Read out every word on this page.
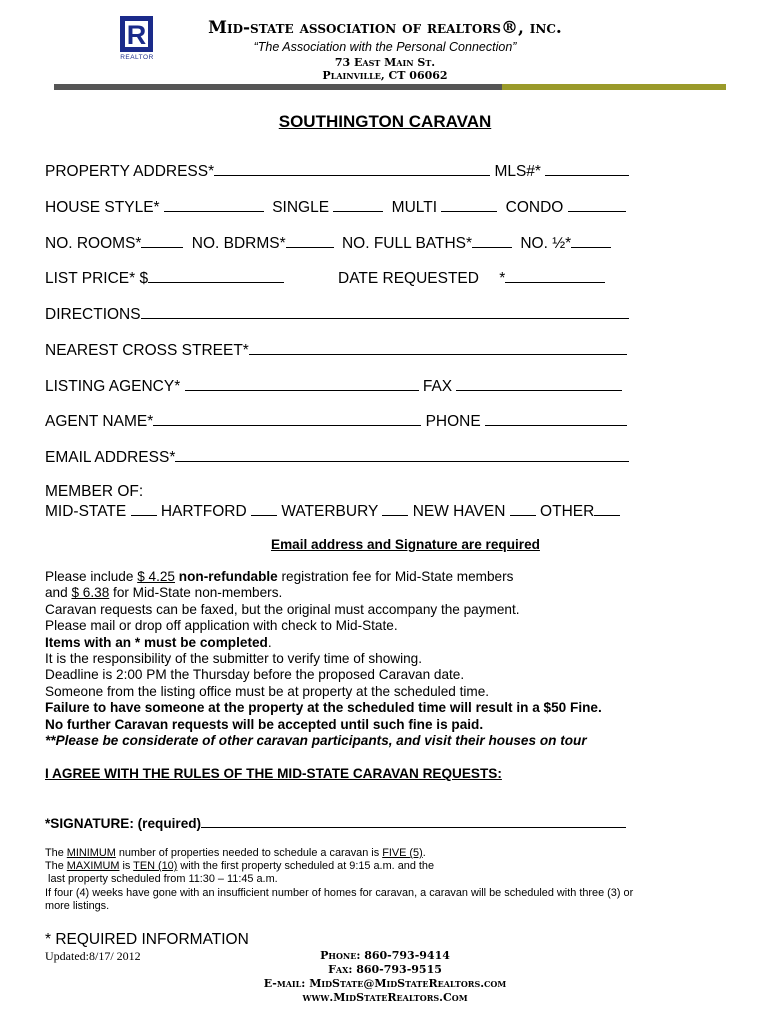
R
REALTOR
Mid-state association of realtors®, inc.
“The Association with the Personal Connection”
73 East Main St.
Plainville, CT 06062
SOUTHINGTON CARAVAN
PROPERTY ADDRESS*	MLS#*
HOUSE STYLE*	SINGLE	MULTI	CONDO
NO. ROOMS*	NO. BDRMS*	NO. FULL BATHS*	NO. ½*
LIST PRICE* $	DATE REQUESTED *
DIRECTIONS
NEAREST CROSS STREET*
LISTING AGENCY*	FAX
AGENT NAME*	PHONE
EMAIL ADDRESS*
MEMBER OF:
MID-STATE HARTFORD WATERBURY NEW HAVEN OTHER
Email address and Signature are required
Please include $ 4.25 non-refundable registration fee for Mid-State members
and $ 6.38 for Mid-State non-members.
Caravan requests can be faxed, but the original must accompany the payment.
Please mail or drop off application with check to Mid-State.
Items with an * must be completed.
It is the responsibility of the submitter to verify time of showing.
Deadline is 2:00 PM the Thursday before the proposed Caravan date.
Someone from the listing office must be at property at the scheduled time.
Failure to have someone at the property at the scheduled time will result in a $50 Fine.
No further Caravan requests will be accepted until such fine is paid.
**Please be considerate of other caravan participants, and visit their houses on tour
I AGREE WITH THE RULES OF THE MID-STATE CARAVAN REQUESTS:
*SIGNATURE: (required)
The MINIMUM number of properties needed to schedule a caravan is FIVE (5).
The MAXIMUM is TEN (10) with the first property scheduled at 9:15 a.m. and the
last property scheduled from 11:30 – 11:45 a.m.
If four (4) weeks have gone with an insufficient number of homes for caravan, a caravan will be scheduled with three (3) or
more listings.
* REQUIRED INFORMATION
Updated:8/17/ 2012	Phone: 860-793-9414
Fax: 860-793-9515
E-mail: MidState@MidStateRealtors.com
www.MidStateRealtors.Com
